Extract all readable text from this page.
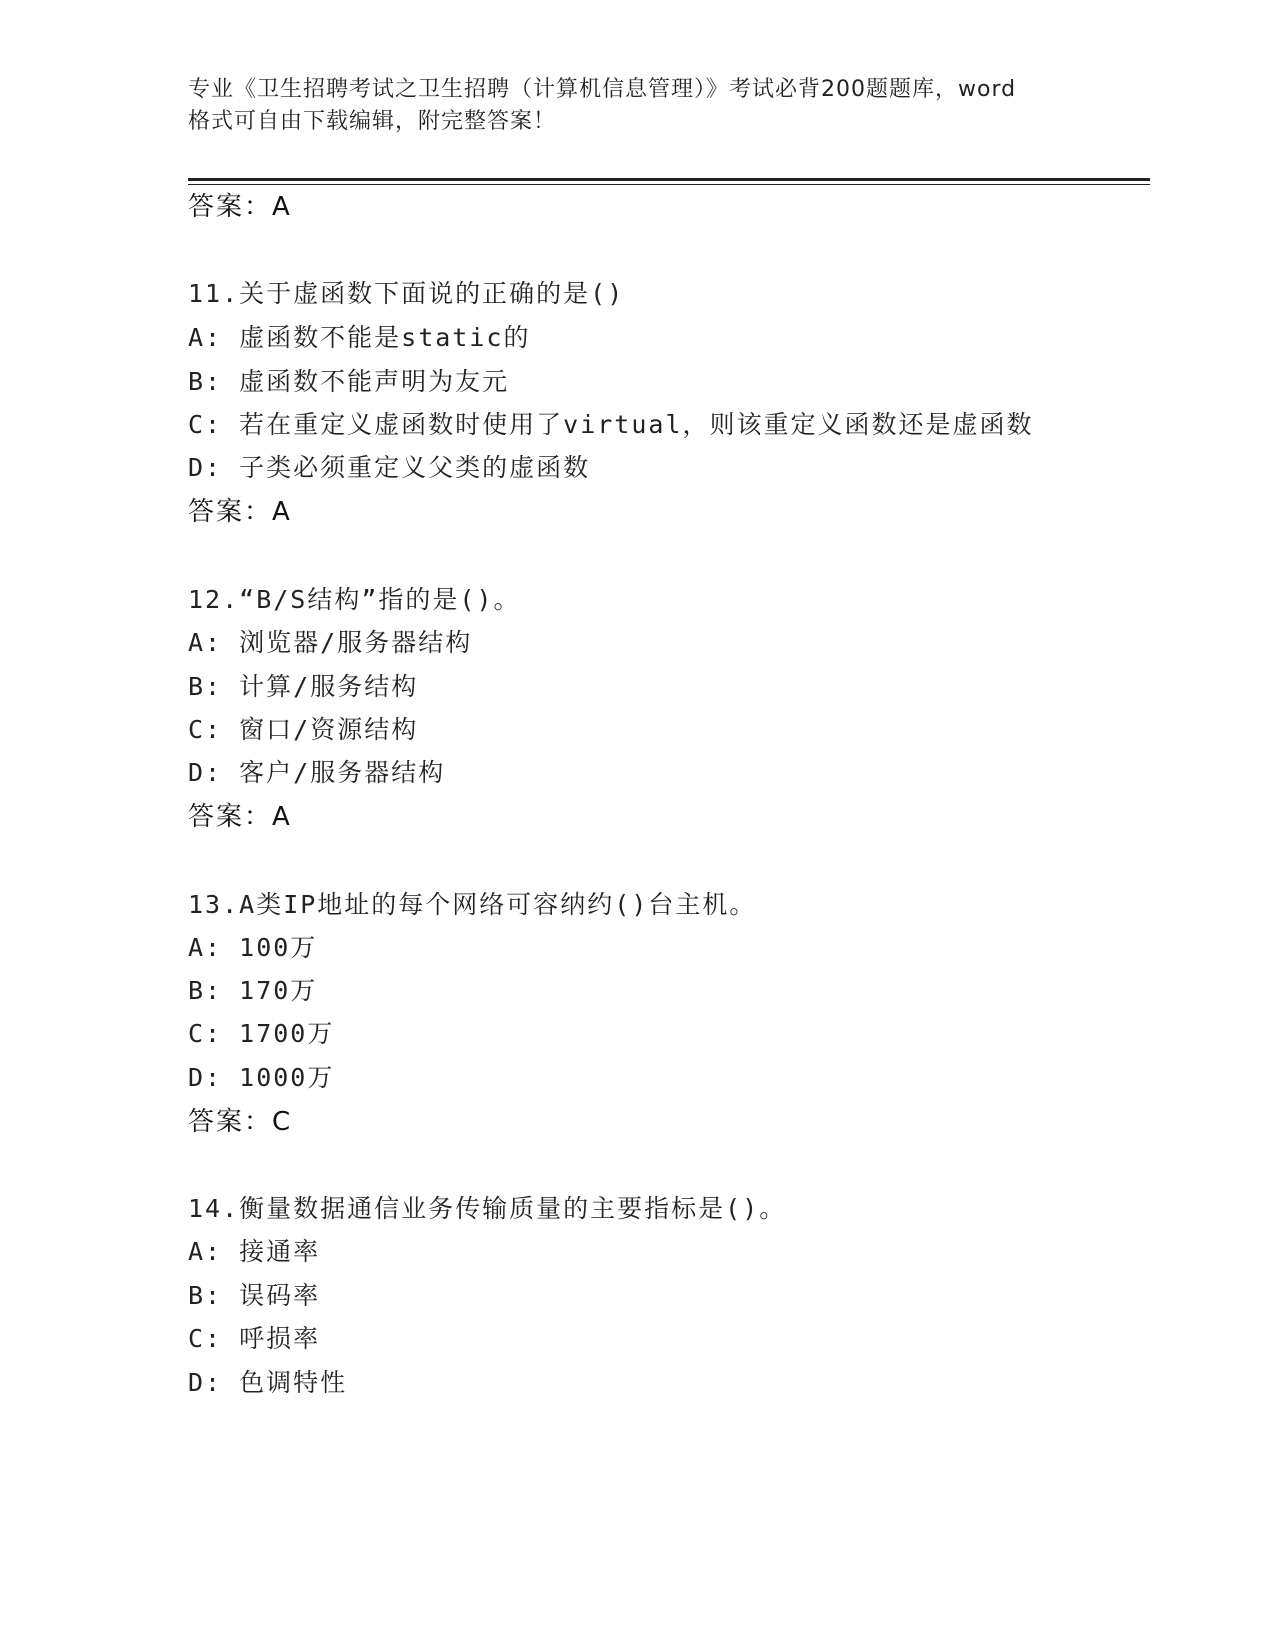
专业《卫生招聘考试之卫生招聘（计算机信息管理）》考试必背200题题库，word
格式可自由下载编辑，附完整答案！
答案：A
11.关于虚函数下面说的正确的是()
A: 虚函数不能是static的
B: 虚函数不能声明为友元
C: 若在重定义虚函数时使用了virtual，则该重定义函数还是虚函数
D: 子类必须重定义父类的虚函数
答案：A
12.“B/S结构”指的是()。
A: 浏览器/服务器结构
B: 计算/服务结构
C: 窗口/资源结构
D: 客户/服务器结构
答案：A
13.A类IP地址的每个网络可容纳约()台主机。
A: 100万
B: 170万
C: 1700万
D: 1000万
答案：C
14.衡量数据通信业务传输质量的主要指标是()。
A: 接通率
B: 误码率
C: 呼损率
D: 色调特性
